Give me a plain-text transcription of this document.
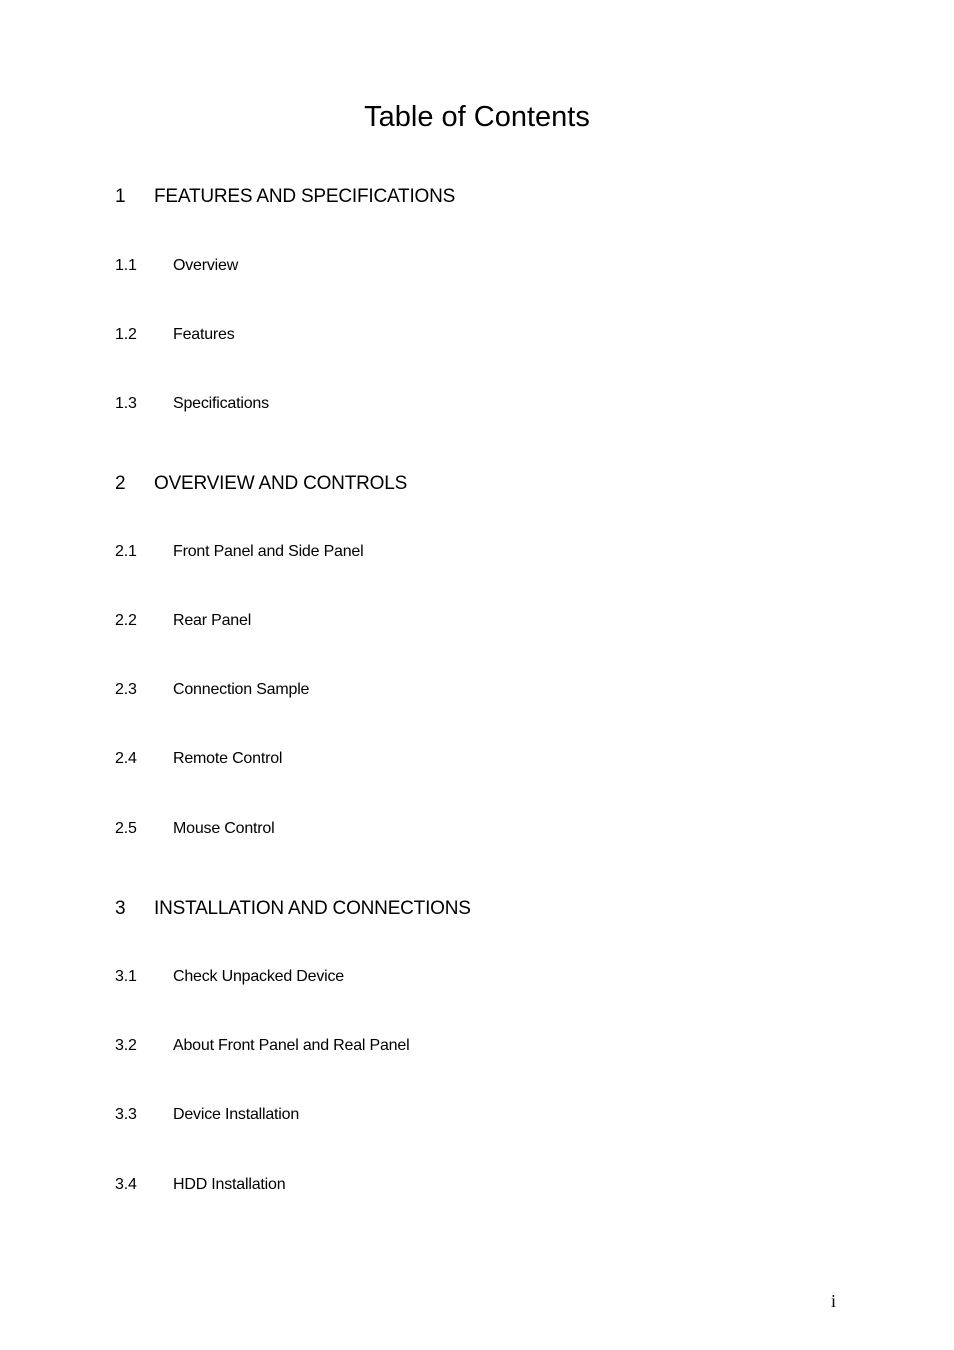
Table of Contents
1 FEATURES AND SPECIFICATIONS
1.1 Overview
1.2 Features
1.3 Specifications
2 OVERVIEW AND CONTROLS
2.1 Front Panel and Side Panel
2.2 Rear Panel
2.3 Connection Sample
2.4 Remote Control
2.5 Mouse Control
3 INSTALLATION AND CONNECTIONS
3.1 Check Unpacked Device
3.2 About Front Panel and Real Panel
3.3 Device Installation
3.4 HDD Installation
i
